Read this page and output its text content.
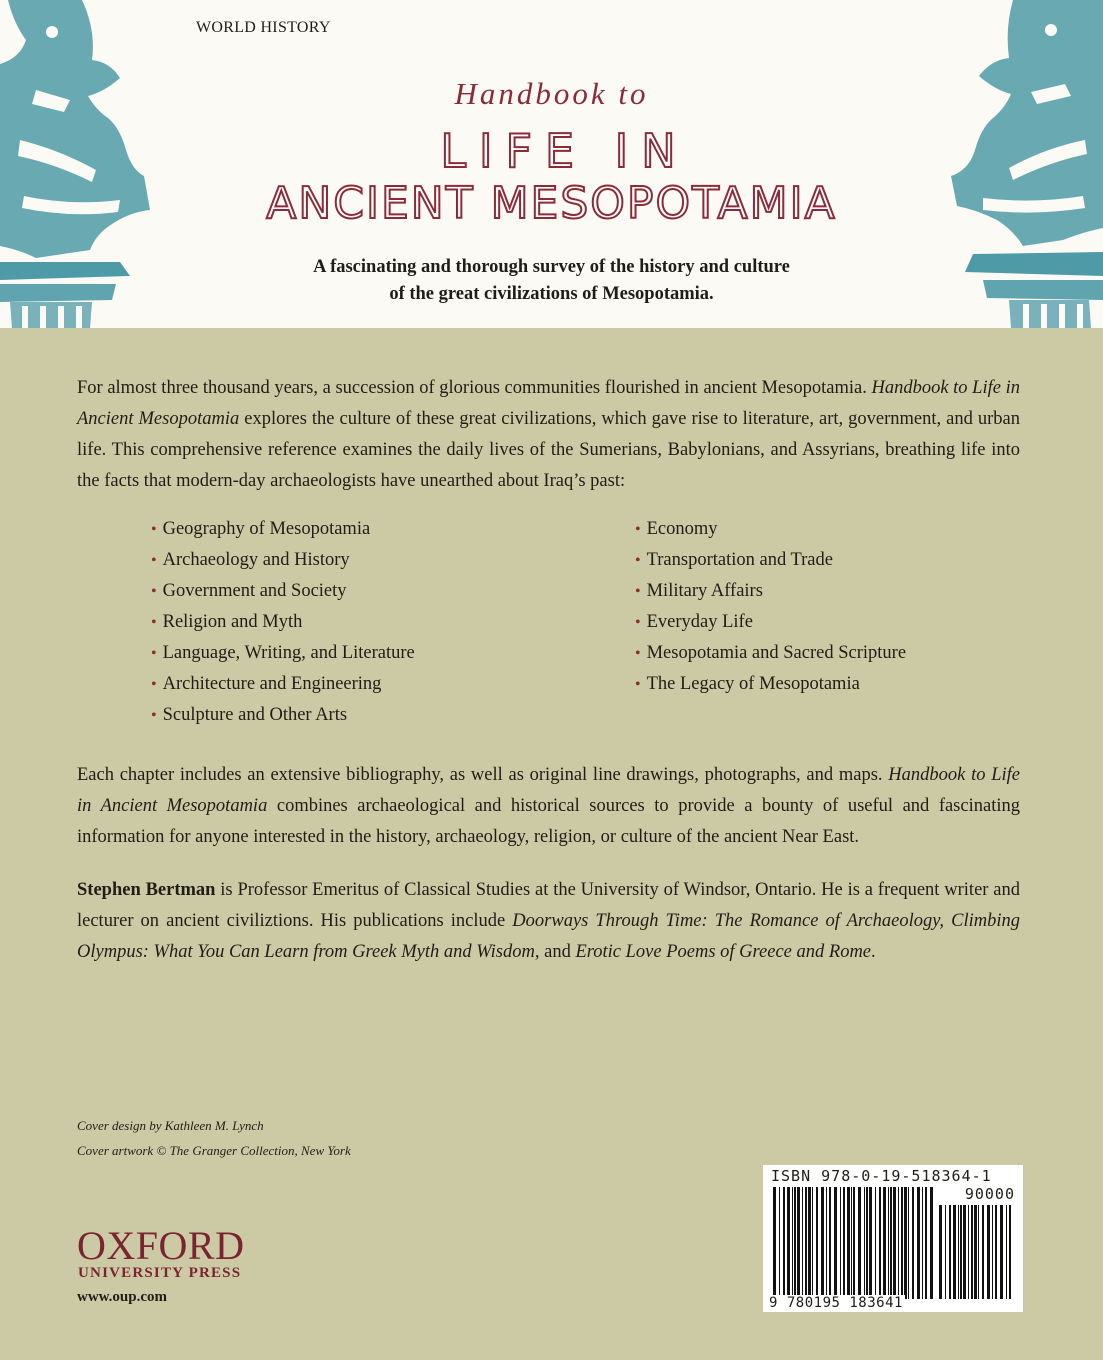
WORLD HISTORY
Handbook to
LIFE IN
ANCIENT MESOPOTAMIA
A fascinating and thorough survey of the history and culture
of the great civilizations of Mesopotamia.
For almost three thousand years, a succession of glorious communities flourished in ancient Mesopotamia. Handbook to Life in Ancient Mesopotamia explores the culture of these great civilizations, which gave rise to literature, art, government, and urban life. This comprehensive reference examines the daily lives of the Sumerians, Babylonians, and Assyrians, breathing life into the facts that modern-day archaeologists have unearthed about Iraq’s past:
• Geography of Mesopotamia
• Archaeology and History
• Government and Society
• Religion and Myth
• Language, Writing, and Literature
• Architecture and Engineering
• Sculpture and Other Arts
• Economy
• Transportation and Trade
• Military Affairs
• Everyday Life
• Mesopotamia and Sacred Scripture
• The Legacy of Mesopotamia
Each chapter includes an extensive bibliography, as well as original line drawings, photographs, and maps. Handbook to Life in Ancient Mesopotamia combines archaeological and historical sources to provide a bounty of useful and fascinating information for anyone interested in the history, archaeology, religion, or culture of the ancient Near East.
Stephen Bertman is Professor Emeritus of Classical Studies at the University of Windsor, Ontario. He is a frequent writer and lecturer on ancient civiliztions. His publications include Doorways Through Time: The Romance of Archaeology, Climbing Olympus: What You Can Learn from Greek Myth and Wisdom, and Erotic Love Poems of Greece and Rome.
Cover design by Kathleen M. Lynch
Cover artwork © The Granger Collection, New York
OXFORD
UNIVERSITY PRESS
www.oup.com
ISBN 978-0-19-518364-1
90000
9 780195 183641
